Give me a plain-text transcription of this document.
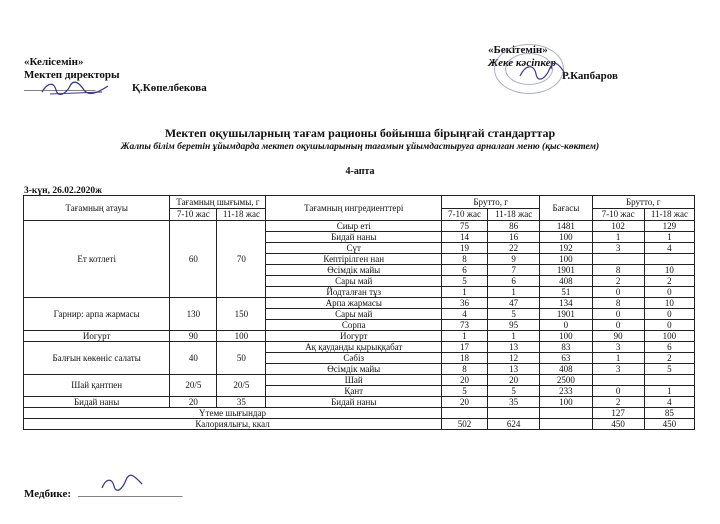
«Келісемін»
Мектеп директоры
_____________	Қ.Көпелбекова
«Бекітемін»
Жеке кәсіпкер
Р.Капбаров
Мектеп оқушыларның тағам рационы бойынша бірыңғай стандарттар
Жалпы білім беретін ұйымдарда мектеп оқушыларының тағамын ұйымдастыруға арналған меню (қыс-көктем)
4-апта
3-күн, 26.02.2020ж

Тағамның атауы	Тағамның шығымы, г		Тағамның ингредиенттері	Брутто, г		Бағасы	Брутто, г	
	7-10 жас	11-18 жас		7-10 жас	11-18 жас		7-10 жас	11-18 жас
Ет котлеті	60	70	Сиыр еті	75	86	1481	102	129
			Бидай наны	14	16	100	1	1
			Сүт	19	22	192	3	4
			Кептірілген нан	8	9	100		
			Өсімдік майы	6	7	1901	8	10
			Сары май	5	6	408	2	2
			Йодталған тұз	1	1	51	0	0
Гарнир: арпа жармасы	130	150	Арпа жармасы	36	47	134	8	10
			Сары май	4	5	1901	0	0
			Сорпа	73	95	0	0	0
Иогурт	90	100	Иогурт	1	1	100	90	100
Балғын көкөніс салаты	40	50	Ақ қауданды қырыққабат	17	13	83	3	6
			Сәбіз	18	12	63	1	2
			Өсімдік майы	8	13	408	3	5
Шай қантпен	20/5	20/5	Шай	20	20	2500		
			Қант	5	5	233	0	1
Бидай наны	20	35	Бидай наны	20	35	100	2	4
Үтеме шығындар							127	85
Калориялығы, ккал				502	624		450	450
Медбике: ___________________
